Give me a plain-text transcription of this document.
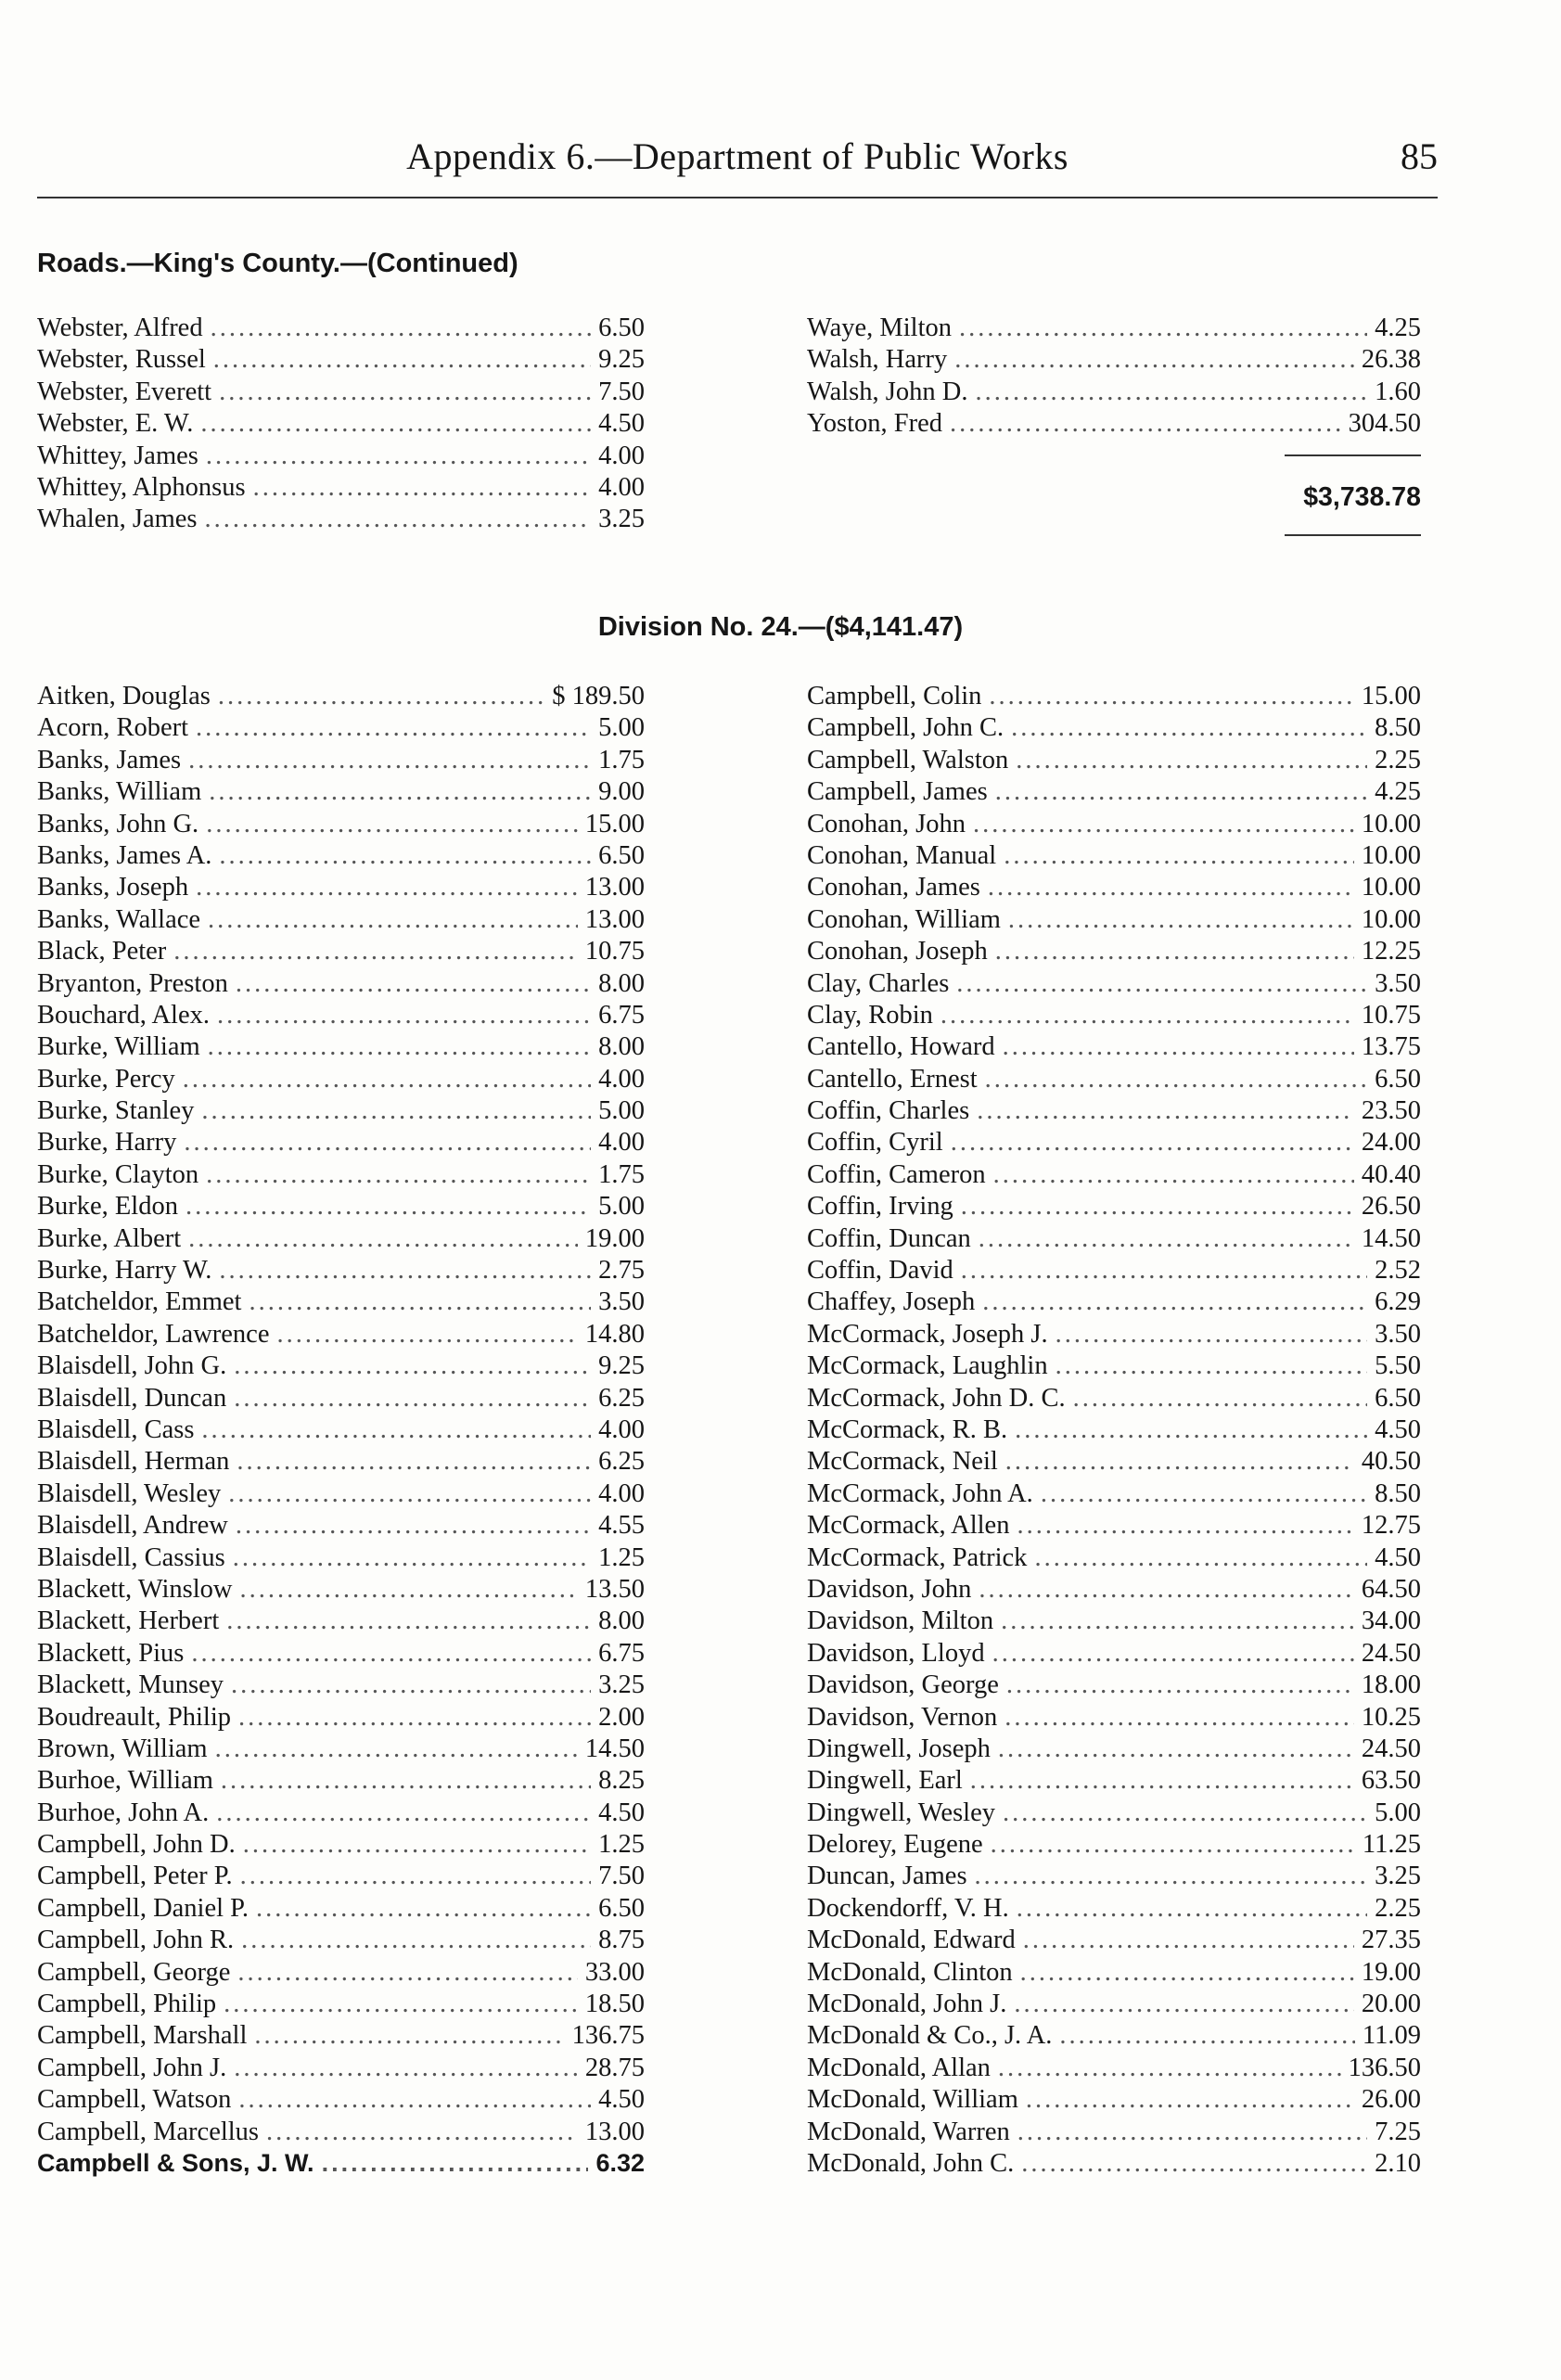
Appendix 6.—Department of Public Works	85
Roads.—King's County.—(Continued)
Webster, Alfred .....	6.50
Webster, Russel .....	9.25
Webster, Everett .....	7.50
Webster, E. W. .....	4.50
Whittey, James .....	4.00
Whittey, Alphonsus .....	4.00
Whalen, James .....	3.25
Waye, Milton .....	4.25
Walsh, Harry .....	26.38
Walsh, John D. .....	1.60
Yoston, Fred .....	304.50
$3,738.78
Division No. 24.—($4,141.47)
Aitken, Douglas .....	$ 189.50
Acorn, Robert .....	5.00
Banks, James .....	1.75
Banks, William .....	9.00
Banks, John G. .....	15.00
Banks, James A. .....	6.50
Banks, Joseph .....	13.00
Banks, Wallace .....	13.00
Black, Peter .....	10.75
Bryanton, Preston .....	8.00
Bouchard, Alex. .....	6.75
Burke, William .....	8.00
Burke, Percy .....	4.00
Burke, Stanley .....	5.00
Burke, Harry .....	4.00
Burke, Clayton .....	1.75
Burke, Eldon .....	5.00
Burke, Albert .....	19.00
Burke, Harry W. .....	2.75
Batcheldor, Emmet .....	3.50
Batcheldor, Lawrence .....	14.80
Blaisdell, John G. .....	9.25
Blaisdell, Duncan .....	6.25
Blaisdell, Cass .....	4.00
Blaisdell, Herman .....	6.25
Blaisdell, Wesley .....	4.00
Blaisdell, Andrew .....	4.55
Blaisdell, Cassius .....	1.25
Blackett, Winslow .....	13.50
Blackett, Herbert .....	8.00
Blackett, Pius .....	6.75
Blackett, Munsey .....	3.25
Boudreault, Philip .....	2.00
Brown, William .....	14.50
Burhoe, William .....	8.25
Burhoe, John A. .....	4.50
Campbell, John D. .....	1.25
Campbell, Peter P. .....	7.50
Campbell, Daniel P. .....	6.50
Campbell, John R. .....	8.75
Campbell, George .....	33.00
Campbell, Philip .....	18.50
Campbell, Marshall .....	136.75
Campbell, John J. .....	28.75
Campbell, Watson .....	4.50
Campbell, Marcellus .....	13.00
Campbell & Sons, J. W. .....	6.32
Campbell, Colin .....	15.00
Campbell, John C. .....	8.50
Campbell, Walston .....	2.25
Campbell, James .....	4.25
Conohan, John .....	10.00
Conohan, Manual .....	10.00
Conohan, James .....	10.00
Conohan, William .....	10.00
Conohan, Joseph .....	12.25
Clay, Charles .....	3.50
Clay, Robin .....	10.75
Cantello, Howard .....	13.75
Cantello, Ernest .....	6.50
Coffin, Charles .....	23.50
Coffin, Cyril .....	24.00
Coffin, Cameron .....	40.40
Coffin, Irving .....	26.50
Coffin, Duncan .....	14.50
Coffin, David .....	2.52
Chaffey, Joseph .....	6.29
McCormack, Joseph J. .....	3.50
McCormack, Laughlin .....	5.50
McCormack, John D. C. .....	6.50
McCormack, R. B. .....	4.50
McCormack, Neil .....	40.50
McCormack, John A. .....	8.50
McCormack, Allen .....	12.75
McCormack, Patrick .....	4.50
Davidson, John .....	64.50
Davidson, Milton .....	34.00
Davidson, Lloyd .....	24.50
Davidson, George .....	18.00
Davidson, Vernon .....	10.25
Dingwell, Joseph .....	24.50
Dingwell, Earl .....	63.50
Dingwell, Wesley .....	5.00
Delorey, Eugene .....	11.25
Duncan, James .....	3.25
Dockendorff, V. H. .....	2.25
McDonald, Edward .....	27.35
McDonald, Clinton .....	19.00
McDonald, John J. .....	20.00
McDonald & Co., J. A. .....	11.09
McDonald, Allan .....	136.50
McDonald, William .....	26.00
McDonald, Warren .....	7.25
McDonald, John C. .....	2.10
